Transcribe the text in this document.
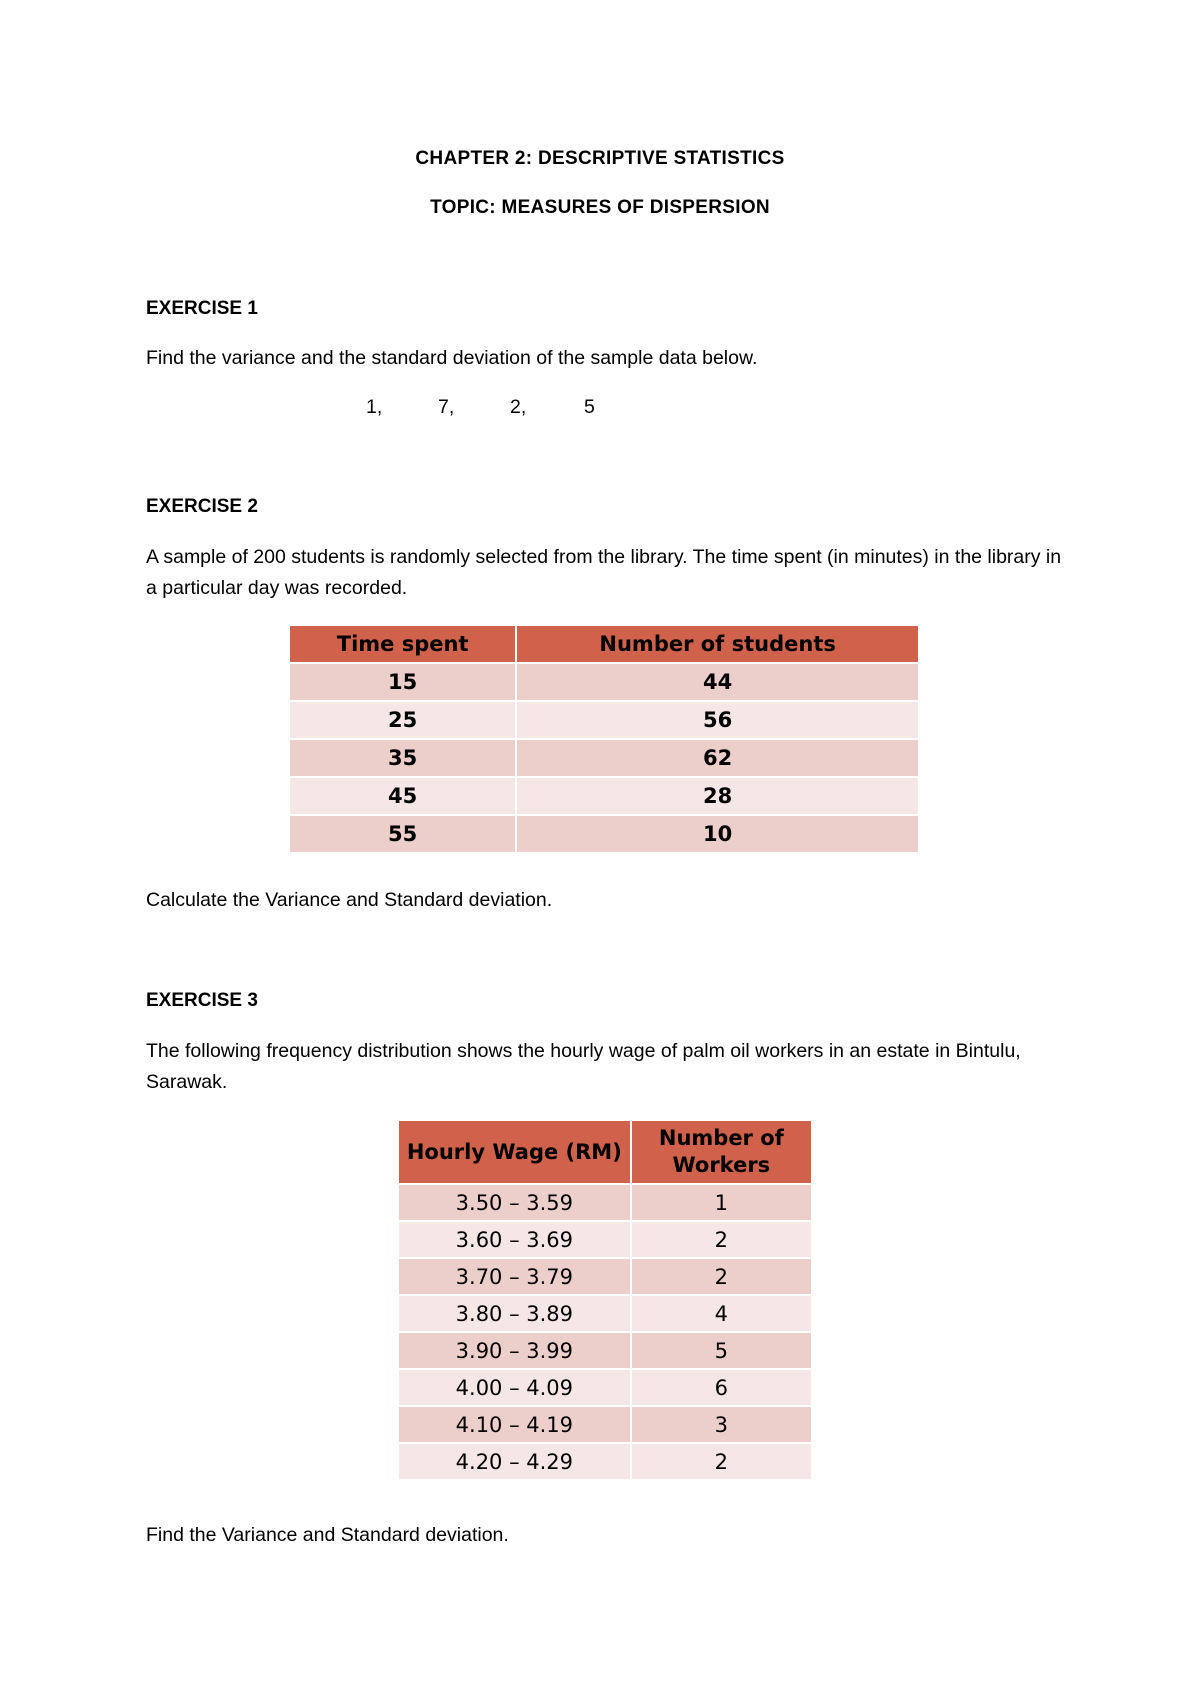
CHAPTER 2: DESCRIPTIVE STATISTICS
TOPIC: MEASURES OF DISPERSION
EXERCISE 1
Find the variance and the standard deviation of the sample data below.
1,	7,	2,	5
EXERCISE 2
A sample of 200 students is randomly selected from the library. The time spent (in minutes) in the library in a particular day was recorded.
Time spent	Number of students
15	44
25	56
35	62
45	28
55	10
Calculate the Variance and Standard deviation.
EXERCISE 3
The following frequency distribution shows the hourly wage of palm oil workers in an estate in Bintulu, Sarawak.
Hourly Wage (RM)	Number of Workers
3.50 – 3.59	1
3.60 – 3.69	2
3.70 – 3.79	2
3.80 – 3.89	4
3.90 – 3.99	5
4.00 – 4.09	6
4.10 – 4.19	3
4.20 – 4.29	2
Find the Variance and Standard deviation.
